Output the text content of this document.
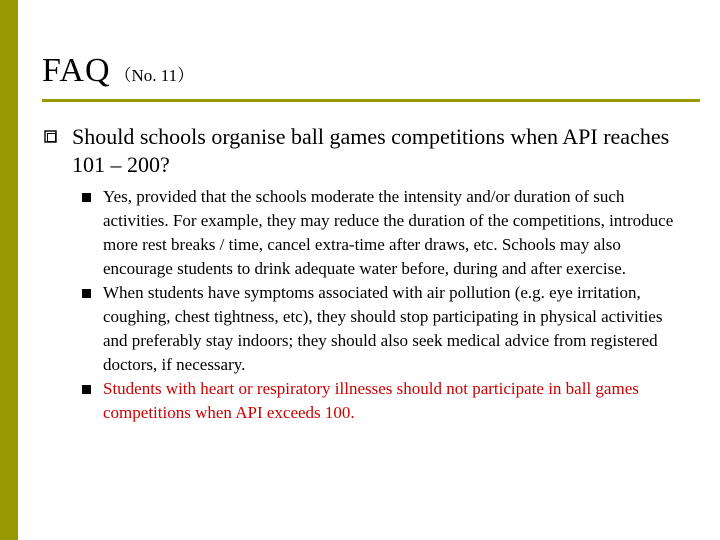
FAQ （No. 11）
Should schools organise ball games competitions when API reaches 101 – 200?
Yes, provided that the schools moderate the intensity and/or duration of such activities. For example, they may reduce the duration of the competitions, introduce more rest breaks / time, cancel extra-time after draws, etc. Schools may also encourage students to drink adequate water before, during and after exercise.
When students have symptoms associated with air pollution (e.g. eye irritation, coughing, chest tightness, etc), they should stop participating in physical activities and preferably stay indoors; they should also seek medical advice from registered doctors, if necessary.
Students with heart or respiratory illnesses should not participate in ball games competitions when API exceeds 100.
